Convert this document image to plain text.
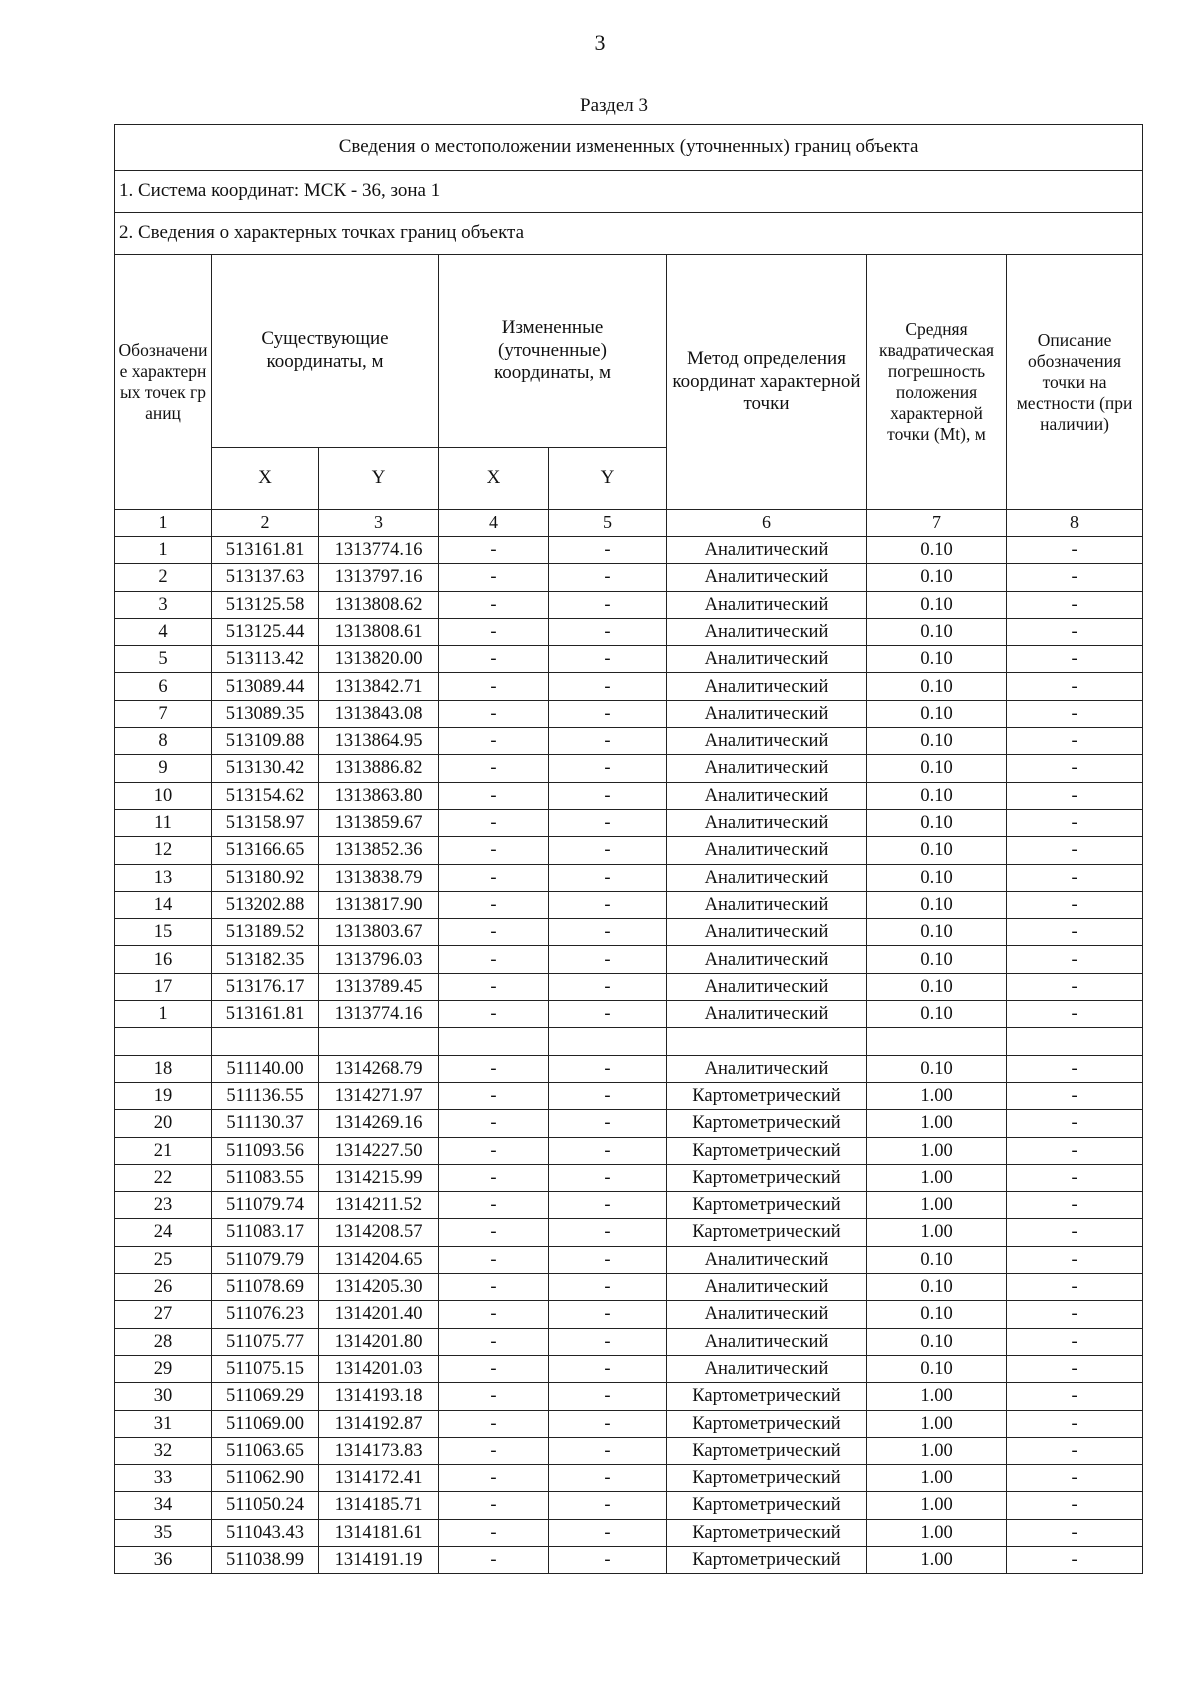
3
Раздел 3
Сведения о местоположении измененных (уточненных) границ объекта							
1. Система координат: МСК - 36, зона 1							
2. Сведения о характерных точках границ объекта							
Обозначение характерных точек границ	Существующие координаты, м		Измененные (уточненные) координаты, м		Метод определения координат характерной точки	Средняя квадратическая погрешность положения характерной точки (Mt), м	Описание обозначения точки на местности (при наличии)
	X	Y	X	Y			
1	2	3	4	5	6	7	8
1	513161.81	1313774.16	-	-	Аналитический	0.10	-
2	513137.63	1313797.16	-	-	Аналитический	0.10	-
3	513125.58	1313808.62	-	-	Аналитический	0.10	-
4	513125.44	1313808.61	-	-	Аналитический	0.10	-
5	513113.42	1313820.00	-	-	Аналитический	0.10	-
6	513089.44	1313842.71	-	-	Аналитический	0.10	-
7	513089.35	1313843.08	-	-	Аналитический	0.10	-
8	513109.88	1313864.95	-	-	Аналитический	0.10	-
9	513130.42	1313886.82	-	-	Аналитический	0.10	-
10	513154.62	1313863.80	-	-	Аналитический	0.10	-
11	513158.97	1313859.67	-	-	Аналитический	0.10	-
12	513166.65	1313852.36	-	-	Аналитический	0.10	-
13	513180.92	1313838.79	-	-	Аналитический	0.10	-
14	513202.88	1313817.90	-	-	Аналитический	0.10	-
15	513189.52	1313803.67	-	-	Аналитический	0.10	-
16	513182.35	1313796.03	-	-	Аналитический	0.10	-
17	513176.17	1313789.45	-	-	Аналитический	0.10	-
1	513161.81	1313774.16	-	-	Аналитический	0.10	-

18	511140.00	1314268.79	-	-	Аналитический	0.10	-
19	511136.55	1314271.97	-	-	Картометрический	1.00	-
20	511130.37	1314269.16	-	-	Картометрический	1.00	-
21	511093.56	1314227.50	-	-	Картометрический	1.00	-
22	511083.55	1314215.99	-	-	Картометрический	1.00	-
23	511079.74	1314211.52	-	-	Картометрический	1.00	-
24	511083.17	1314208.57	-	-	Картометрический	1.00	-
25	511079.79	1314204.65	-	-	Аналитический	0.10	-
26	511078.69	1314205.30	-	-	Аналитический	0.10	-
27	511076.23	1314201.40	-	-	Аналитический	0.10	-
28	511075.77	1314201.80	-	-	Аналитический	0.10	-
29	511075.15	1314201.03	-	-	Аналитический	0.10	-
30	511069.29	1314193.18	-	-	Картометрический	1.00	-
31	511069.00	1314192.87	-	-	Картометрический	1.00	-
32	511063.65	1314173.83	-	-	Картометрический	1.00	-
33	511062.90	1314172.41	-	-	Картометрический	1.00	-
34	511050.24	1314185.71	-	-	Картометрический	1.00	-
35	511043.43	1314181.61	-	-	Картометрический	1.00	-
36	511038.99	1314191.19	-	-	Картометрический	1.00	-
